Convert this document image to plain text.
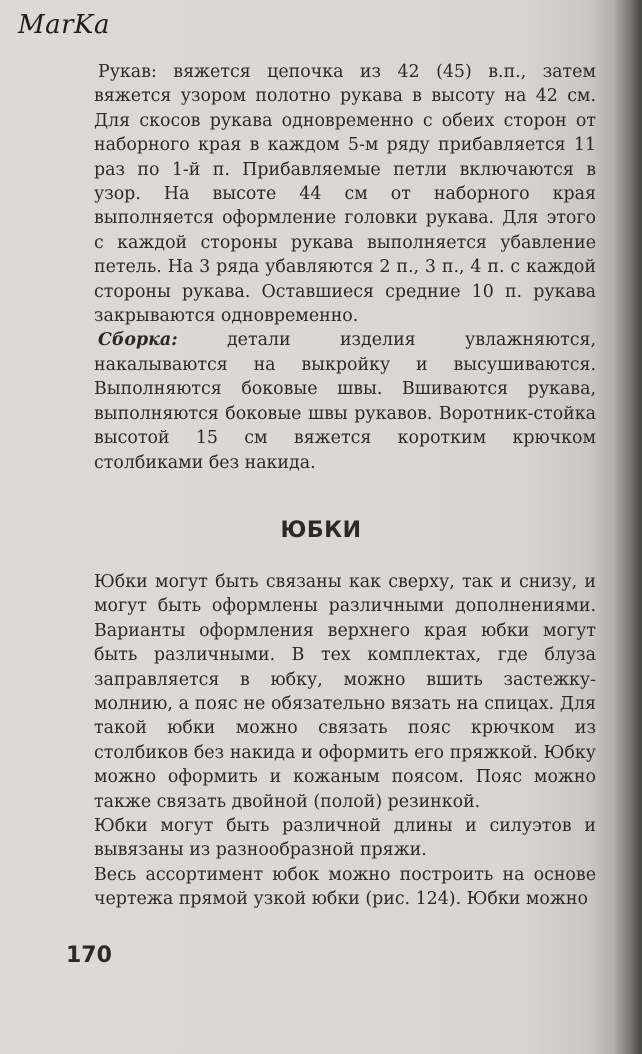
MarKa

Рукав: вяжется цепочка из 42 (45) в.п., затем вяжется узором полотно рукава в высоту на 42 см. Для скосов рукава одновременно с обеих сторон от наборного края в каждом 5-м ряду прибавляется 11 раз по 1-й п. Прибавляемые петли включаются в узор. На высоте 44 см от наборного края выполняется оформление головки рукава. Для этого с каждой стороны рукава выполняется убавление петель. На 3 ряда убавляются 2 п., 3 п., 4 п. с каждой стороны рукава. Оставшиеся средние 10 п. рукава закрываются одновременно.

Сборка: детали изделия увлажняются, накалываются на выкройку и высушиваются. Выполняются боковые швы. Вшиваются рукава, выполняются боковые швы рукавов. Воротник-стойка высотой 15 см вяжется коротким крючком столбиками без накида.

ЮБКИ

Юбки могут быть связаны как сверху, так и снизу, и могут быть оформлены различными дополнениями. Варианты оформления верхнего края юбки могут быть различными. В тех комплектах, где блуза заправляется в юбку, можно вшить застежку-молнию, а пояс не обязательно вязать на спицах. Для такой юбки можно связать пояс крючком из столбиков без накида и оформить его пряжкой. Юбку можно оформить и кожаным поясом. Пояс можно также связать двойной (полой) резинкой.

Юбки могут быть различной длины и силуэтов и вывязаны из разнообразной пряжи.

Весь ассортимент юбок можно построить на основе чертежа прямой узкой юбки (рис. 124). Юбки можно

170
